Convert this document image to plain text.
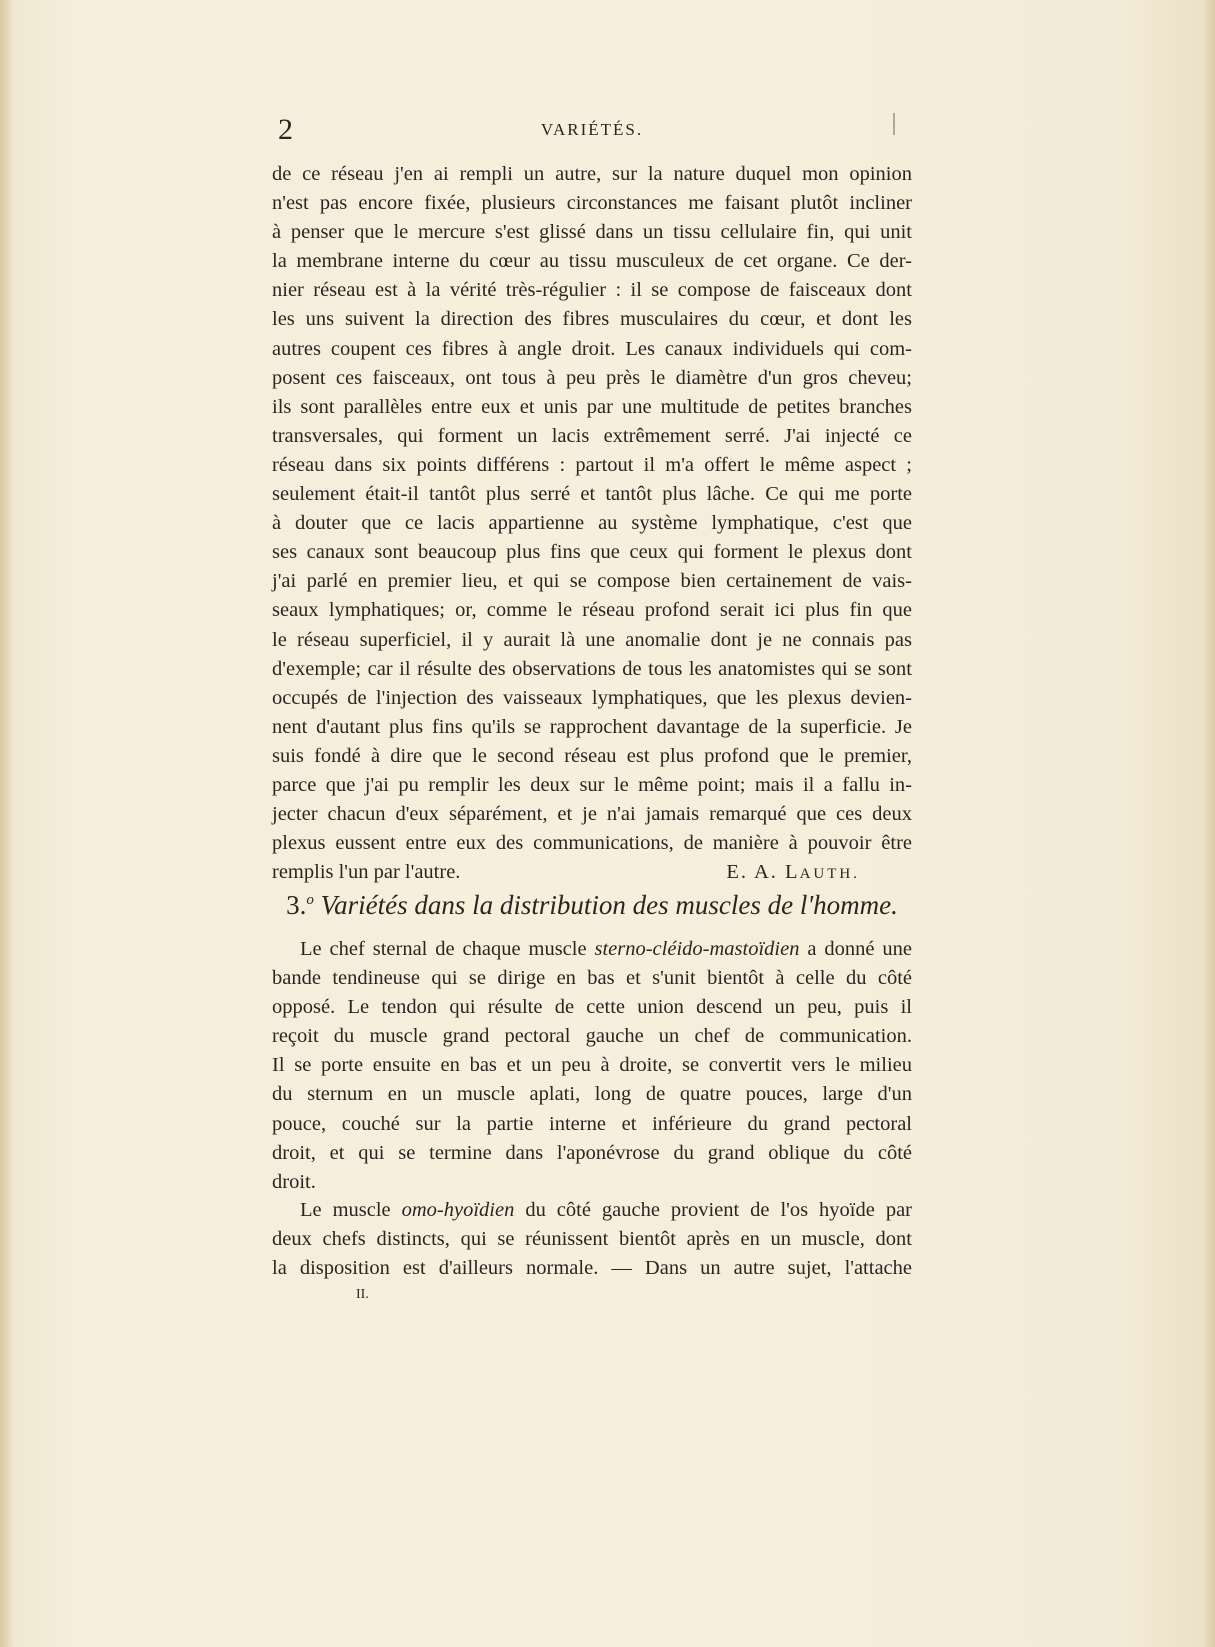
2	VARIÉTÉS.
de ce réseau j'en ai rempli un autre, sur la nature duquel mon opinion
n'est pas encore fixée, plusieurs circonstances me faisant plutôt incliner
à penser que le mercure s'est glissé dans un tissu cellulaire fin, qui unit
la membrane interne du cœur au tissu musculeux de cet organe. Ce der-
nier réseau est à la vérité très-régulier : il se compose de faisceaux dont
les uns suivent la direction des fibres musculaires du cœur, et dont les
autres coupent ces fibres à angle droit. Les canaux individuels qui com-
posent ces faisceaux, ont tous à peu près le diamètre d'un gros cheveu;
ils sont parallèles entre eux et unis par une multitude de petites branches
transversales, qui forment un lacis extrêmement serré. J'ai injecté ce
réseau dans six points différens : partout il m'a offert le même aspect ;
seulement était-il tantôt plus serré et tantôt plus lâche. Ce qui me porte
à douter que ce lacis appartienne au système lymphatique, c'est que
ses canaux sont beaucoup plus fins que ceux qui forment le plexus dont
j'ai parlé en premier lieu, et qui se compose bien certainement de vais-
seaux lymphatiques; or, comme le réseau profond serait ici plus fin que
le réseau superficiel, il y aurait là une anomalie dont je ne connais pas
d'exemple; car il résulte des observations de tous les anatomistes qui se sont
occupés de l'injection des vaisseaux lymphatiques, que les plexus devien-
nent d'autant plus fins qu'ils se rapprochent davantage de la superficie. Je
suis fondé à dire que le second réseau est plus profond que le premier,
parce que j'ai pu remplir les deux sur le même point; mais il a fallu in-
jecter chacun d'eux séparément, et je n'ai jamais remarqué que ces deux
plexus eussent entre eux des communications, de manière à pouvoir être
remplis l'un par l'autre.	E. A. LAUTH.
3.$^o$ Variétés dans la distribution des muscles de l'homme.
Le chef sternal de chaque muscle sterno-cléido-mastoïdien a donné une
bande tendineuse qui se dirige en bas et s'unit bientôt à celle du côté
opposé. Le tendon qui résulte de cette union descend un peu, puis il
reçoit du muscle grand pectoral gauche un chef de communication.
Il se porte ensuite en bas et un peu à droite, se convertit vers le milieu
du sternum en un muscle aplati, long de quatre pouces, large d'un
pouce, couché sur la partie interne et inférieure du grand pectoral
droit, et qui se termine dans l'aponévrose du grand oblique du côté
droit.
Le muscle omo-hyoïdien du côté gauche provient de l'os hyoïde par
deux chefs distincts, qui se réunissent bientôt après en un muscle, dont
la disposition est d'ailleurs normale. — Dans un autre sujet, l'attache
II.
